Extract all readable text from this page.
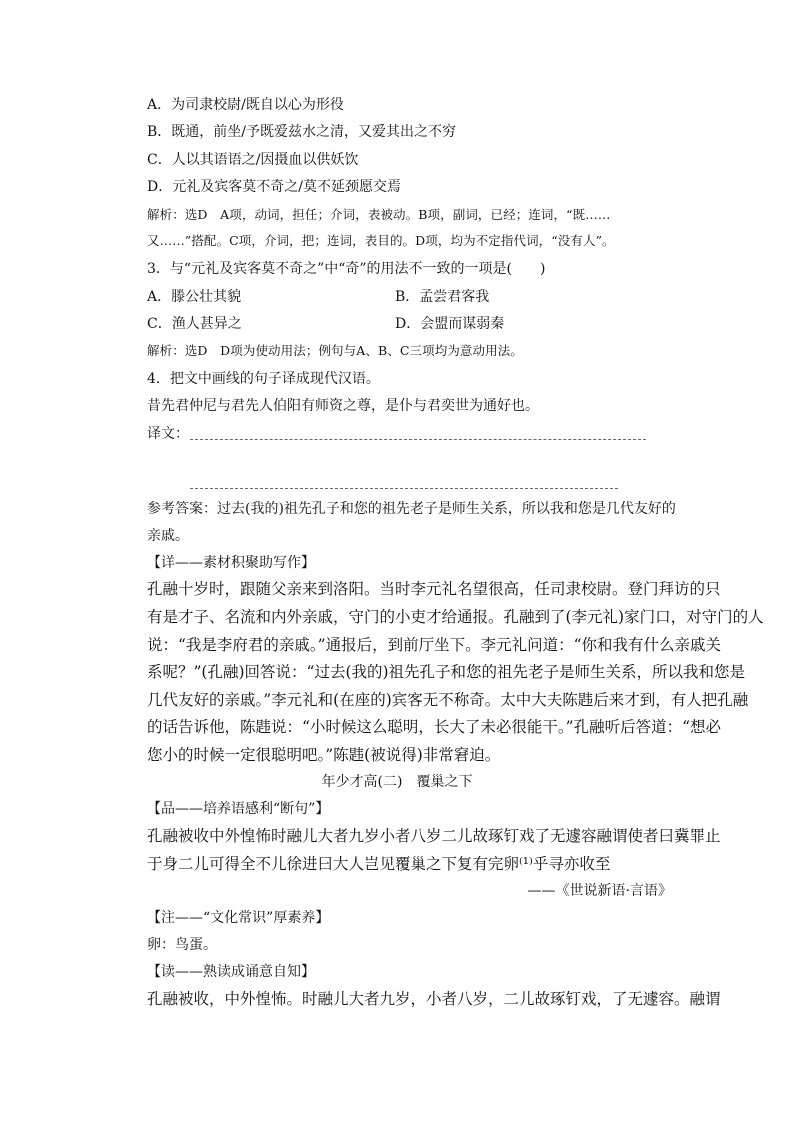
A．为司隶校尉/既自以心为形役
B．既通，前坐/予既爱兹水之清，又爱其出之不穷
C．人以其语语之/因摄血以供妖饮
D．元礼及宾客莫不奇之/莫不延颈愿交焉
解析：选D　A项，动词，担任；介词，表被动。B项，副词，已经；连词，“既……
又……”搭配。C项，介词，把；连词，表目的。D项，均为不定指代词，“没有人”。
3．与“元礼及宾客莫不奇之”中“奇”的用法不一致的一项是(　　)
A．滕公壮其貌	B．孟尝君客我
C．渔人甚异之	D．会盟而谋弱秦
解析：选D　D项为使动用法；例句与A、B、C三项均为意动用法。
4．把文中画线的句子译成现代汉语。
昔先君仲尼与君先人伯阳有师资之尊，是仆与君奕世为通好也。
译文：
参考答案：过去(我的)祖先孔子和您的祖先老子是师生关系，所以我和您是几代友好的
亲戚。
【详——素材积聚助写作】
孔融十岁时，跟随父亲来到洛阳。当时李元礼名望很高，任司隶校尉。登门拜访的只
有是才子、名流和内外亲戚，守门的小吏才给通报。孔融到了(李元礼)家门口，对守门的人
说：“我是李府君的亲戚。”通报后，到前厅坐下。李元礼问道：“你和我有什么亲戚关
系呢？”(孔融)回答说：“过去(我的)祖先孔子和您的祖先老子是师生关系，所以我和您是
几代友好的亲戚。”李元礼和(在座的)宾客无不称奇。太中大夫陈韪后来才到，有人把孔融
的话告诉他，陈韪说：“小时候这么聪明，长大了未必很能干。”孔融听后答道：“想必
您小的时候一定很聪明吧。”陈韪(被说得)非常窘迫。
年少才高(二)　覆巢之下
【品——培养语感利“断句”】
孔融被收中外惶怖时融儿大者九岁小者八岁二儿故琢钉戏了无遽容融谓使者曰冀罪止
于身二儿可得全不儿徐进曰大人岂见覆巢之下复有完卵⁽¹⁾乎寻亦收至
——《世说新语·言语》
【注——“文化常识”厚素养】
卵：鸟蛋。
【读——熟读成诵意自知】
孔融被收，中外惶怖。时融儿大者九岁，小者八岁，二儿故琢钉戏，了无遽容。融谓
